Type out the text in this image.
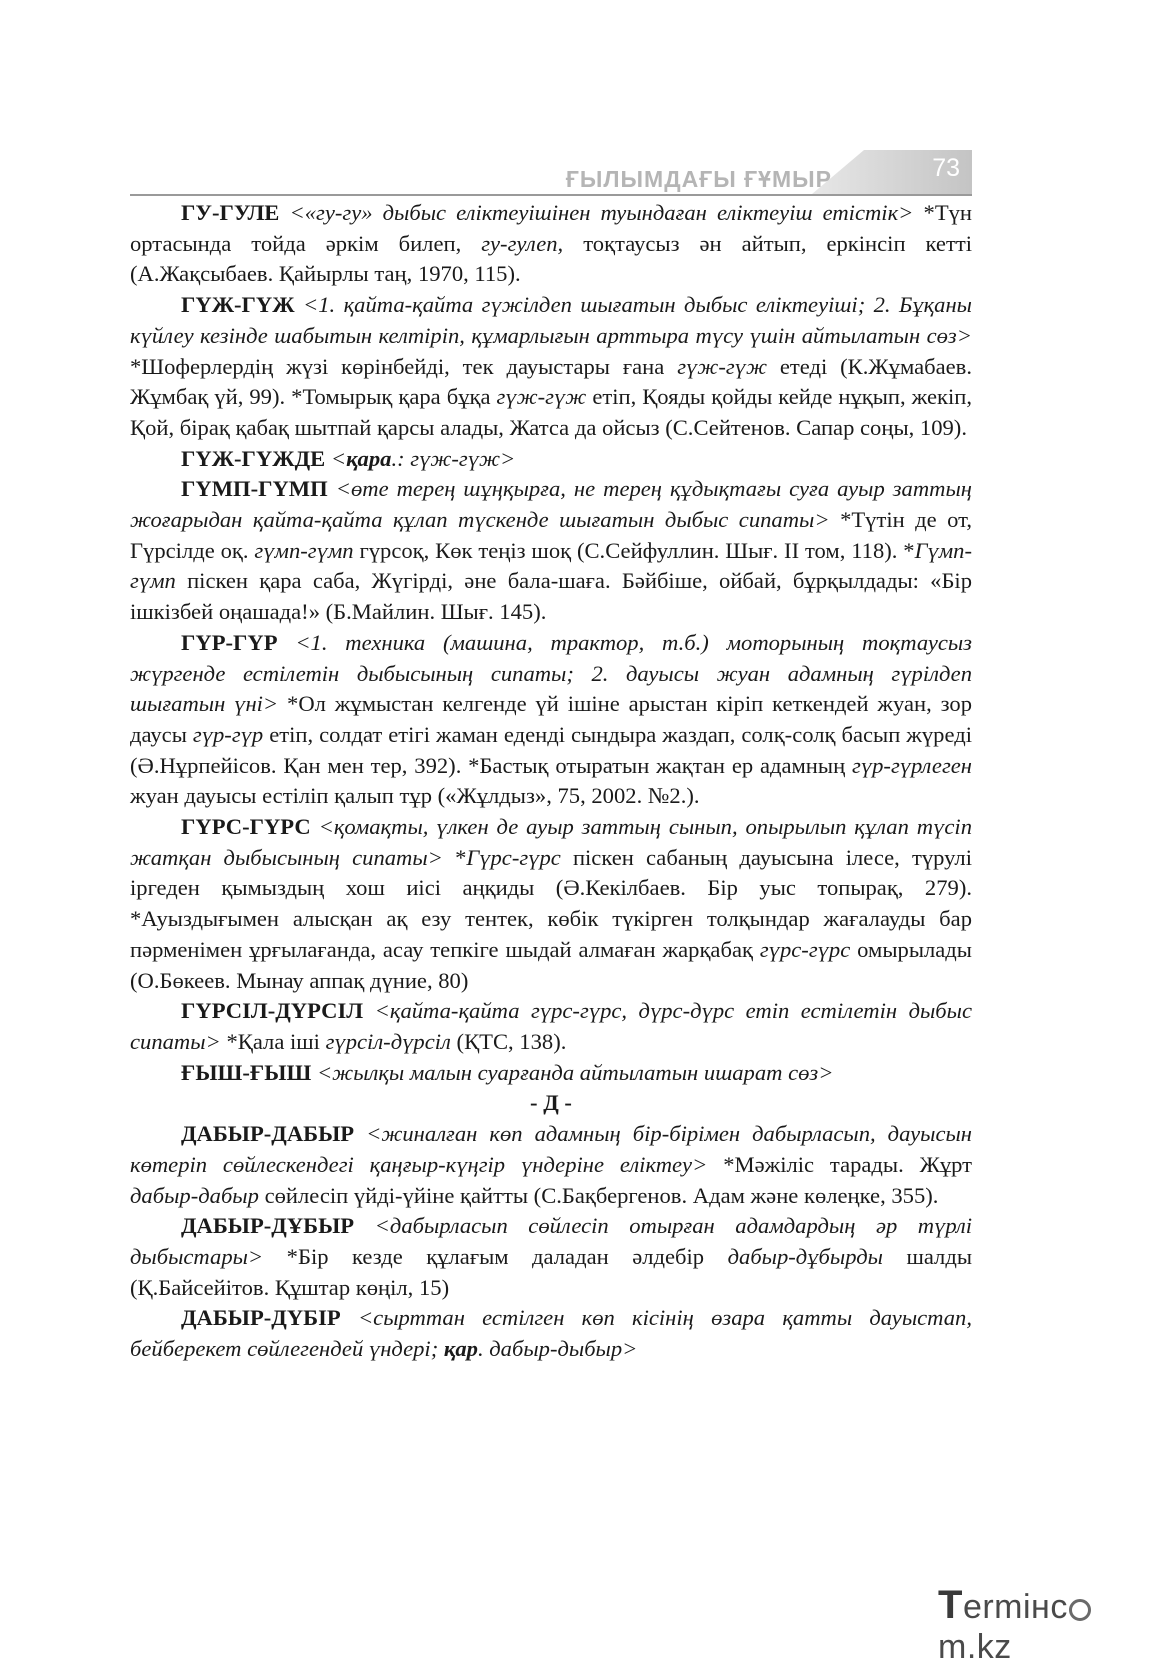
ҒЫЛЫМДАҒЫ ҒҰМЫР	73

ГУ-ГУЛЕ <«гу-гу» дыбыс еліктеуішінен туындаған еліктеуіш етістік> *Түн ортасында тойда әркім билеп, гу-гулеп, тоқтаусыз ән айтып, еркінсіп кетті (А.Жақсыбаев. Қайырлы таң, 1970, 115).

ГҮЖ-ГҮЖ <1. қайта-қайта гүжілдеп шығатын дыбыс еліктеуіші; 2. Бұқаны күйлеу кезінде шабытын келтіріп, құмарлығын арттыра түсу үшін айтылатын сөз> *Шоферлердің жүзі көрінбейді, тек дауыстары ғана гүж-гүж етеді (К.Жұмабаев. Жұмбақ үй, 99). *Томырық қара бұқа гүж-гүж етіп, Қояды қойды кейде нұқып, жекіп, Қой, бірақ қабақ шытпай қарсы алады, Жатса да ойсыз (С.Сейтенов. Сапар соңы, 109).

ГҮЖ-ГҮЖДЕ <қара.: гүж-гүж>

ГҮМП-ГҮМП <өте терең шұңқырға, не терең құдықтағы суға ауыр заттың жоғарыдан қайта-қайта құлап түскенде шығатын дыбыс сипаты> *Түтін де от, Гүрсілде оқ. гүмп-гүмп гүрсоқ, Көк теңіз шоқ (С.Сейфуллин. Шығ. ІІ том, 118). *Гүмп-гүмп піскен қара саба, Жүгірді, әне бала-шаға. Бәйбіше, ойбай, бұрқылдады: «Бір ішкізбей оңашада!» (Б.Майлин. Шығ. 145).

ГҮР-ГҮР <1. техника (машина, трактор, т.б.) моторының тоқтаусыз жүргенде естілетін дыбысының сипаты; 2. дауысы жуан адамның гүрілдеп шығатын үні> *Ол жұмыстан келгенде үй ішіне арыстан кіріп кеткендей жуан, зор даусы гүр-гүр етіп, солдат етігі жаман еденді сындыра жаздап, солқ-солқ басып жүреді (Ә.Нұрпейісов. Қан мен тер, 392). *Бастық отыратын жақтан ер адамның гүр-гүрлеген жуан дауысы естіліп қалып тұр («Жұлдыз», 75, 2002. №2.).

ГҮРС-ГҮРС <қомақты, үлкен де ауыр заттың сынып, опырылып құлап түсіп жатқан дыбысының сипаты> *Гүрс-гүрс піскен сабаның дауысына ілесе, түрулі іргеден қымыздың хош иісі аңқиды (Ә.Кекілбаев. Бір уыс топырақ, 279). *Ауыздығымен алысқан ақ езу тентек, көбік түкірген толқындар жағалауды бар пәрменімен ұрғылағанда, асау тепкіге шыдай алмаған жарқабақ гүрс-гүрс омырылады (О.Бөкеев. Мынау аппақ дүние, 80)

ГҮРСІЛ-ДҮРСІЛ <қайта-қайта гүрс-гүрс, дүрс-дүрс етіп естілетін дыбыс сипаты> *Қала іші гүрсіл-дүрсіл (ҚТС, 138).

ҒЫШ-ҒЫШ <жылқы малын суарғанда айтылатын ишарат сөз>

- Д -

ДАБЫР-ДАБЫР <жиналған көп адамның бір-бірімен дабырласып, дауысын көтеріп сөйлескендегі қаңғыр-күңгір үндеріне еліктеу> *Мәжіліс тарады. Жұрт дабыр-дабыр сөйлесіп үйді-үйіне қайтты (С.Бақбергенов. Адам және көлеңке, 355).

ДАБЫР-ДҰБЫР <дабырласып сөйлесіп отырған адамдардың әр түрлі дыбыстары> *Бір кезде құлағым даладан әлдебір дабыр-дұбырды шалды (Қ.Байсейітов. Құштар көңіл, 15)

ДАБЫР-ДҮБІР <сырттан естілген көп кісінің өзара қатты дауыстап, бейберекет сөйлегендей үндері; қар. дабыр-дыбыр>

Termінcm.kz
